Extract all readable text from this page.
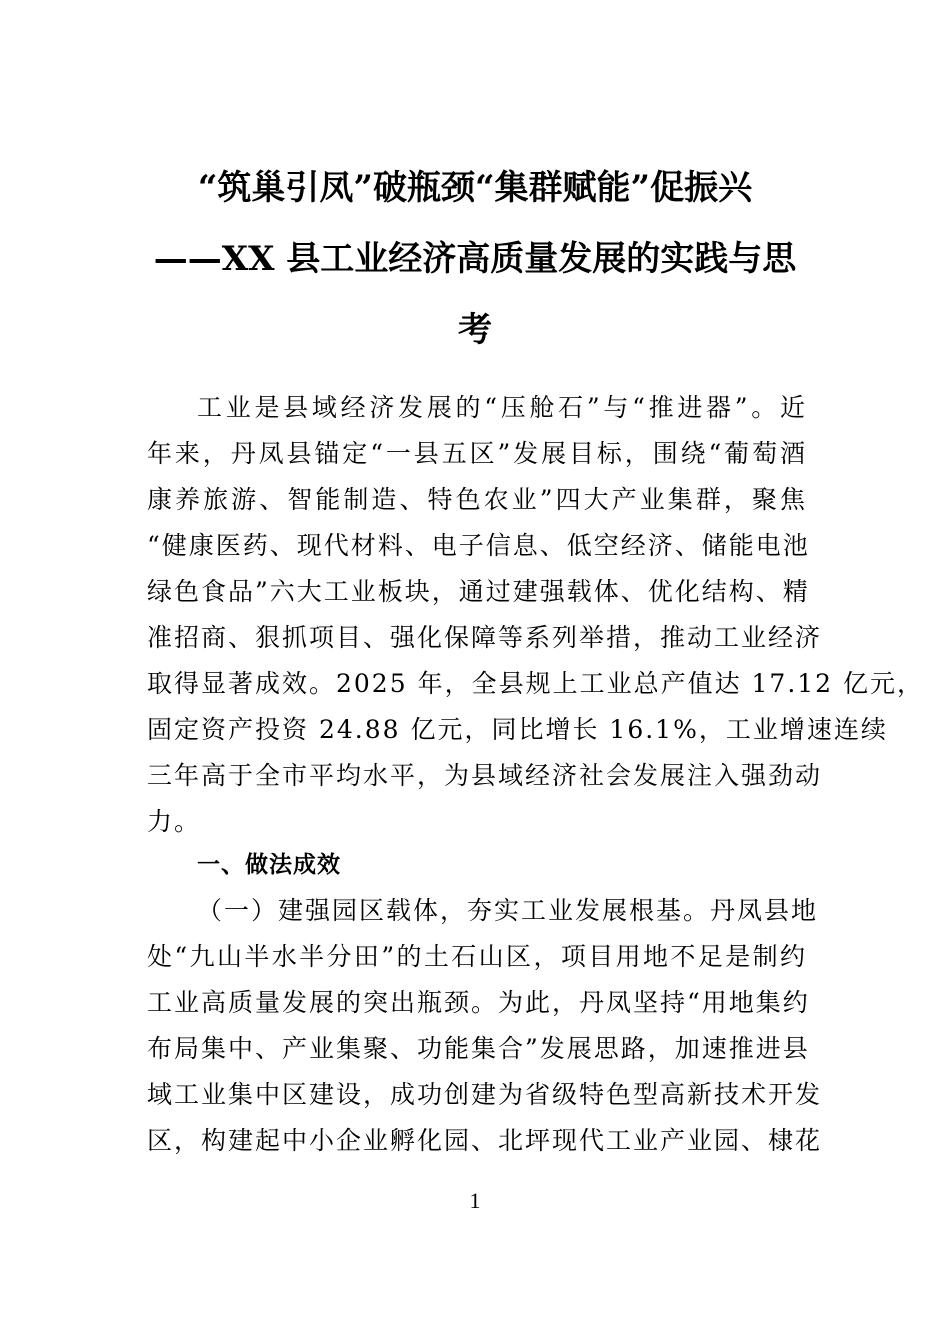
“筑巢引凤”破瓶颈“集群赋能”促振兴
——XX 县工业经济高质量发展的实践与思
考
工业是县域经济发展的“压舱石”与“推进器”。近
年来，丹凤县锚定“一县五区”发展目标，围绕“葡萄酒
康养旅游、智能制造、特色农业”四大产业集群，聚焦
“健康医药、现代材料、电子信息、低空经济、储能电池
绿色食品”六大工业板块，通过建强载体、优化结构、精
准招商、狠抓项目、强化保障等系列举措，推动工业经济
取得显著成效。2025 年，全县规上工业总产值达 17.12 亿元，
固定资产投资 24.88 亿元，同比增长 16.1%，工业增速连续
三年高于全市平均水平，为县域经济社会发展注入强劲动
力。
一、做法成效
（一）建强园区载体，夯实工业发展根基。丹凤县地
处“九山半水半分田”的土石山区，项目用地不足是制约
工业高质量发展的突出瓶颈。为此，丹凤坚持“用地集约
布局集中、产业集聚、功能集合”发展思路，加速推进县
域工业集中区建设，成功创建为省级特色型高新技术开发
区，构建起中小企业孵化园、北坪现代工业产业园、棣花
1
